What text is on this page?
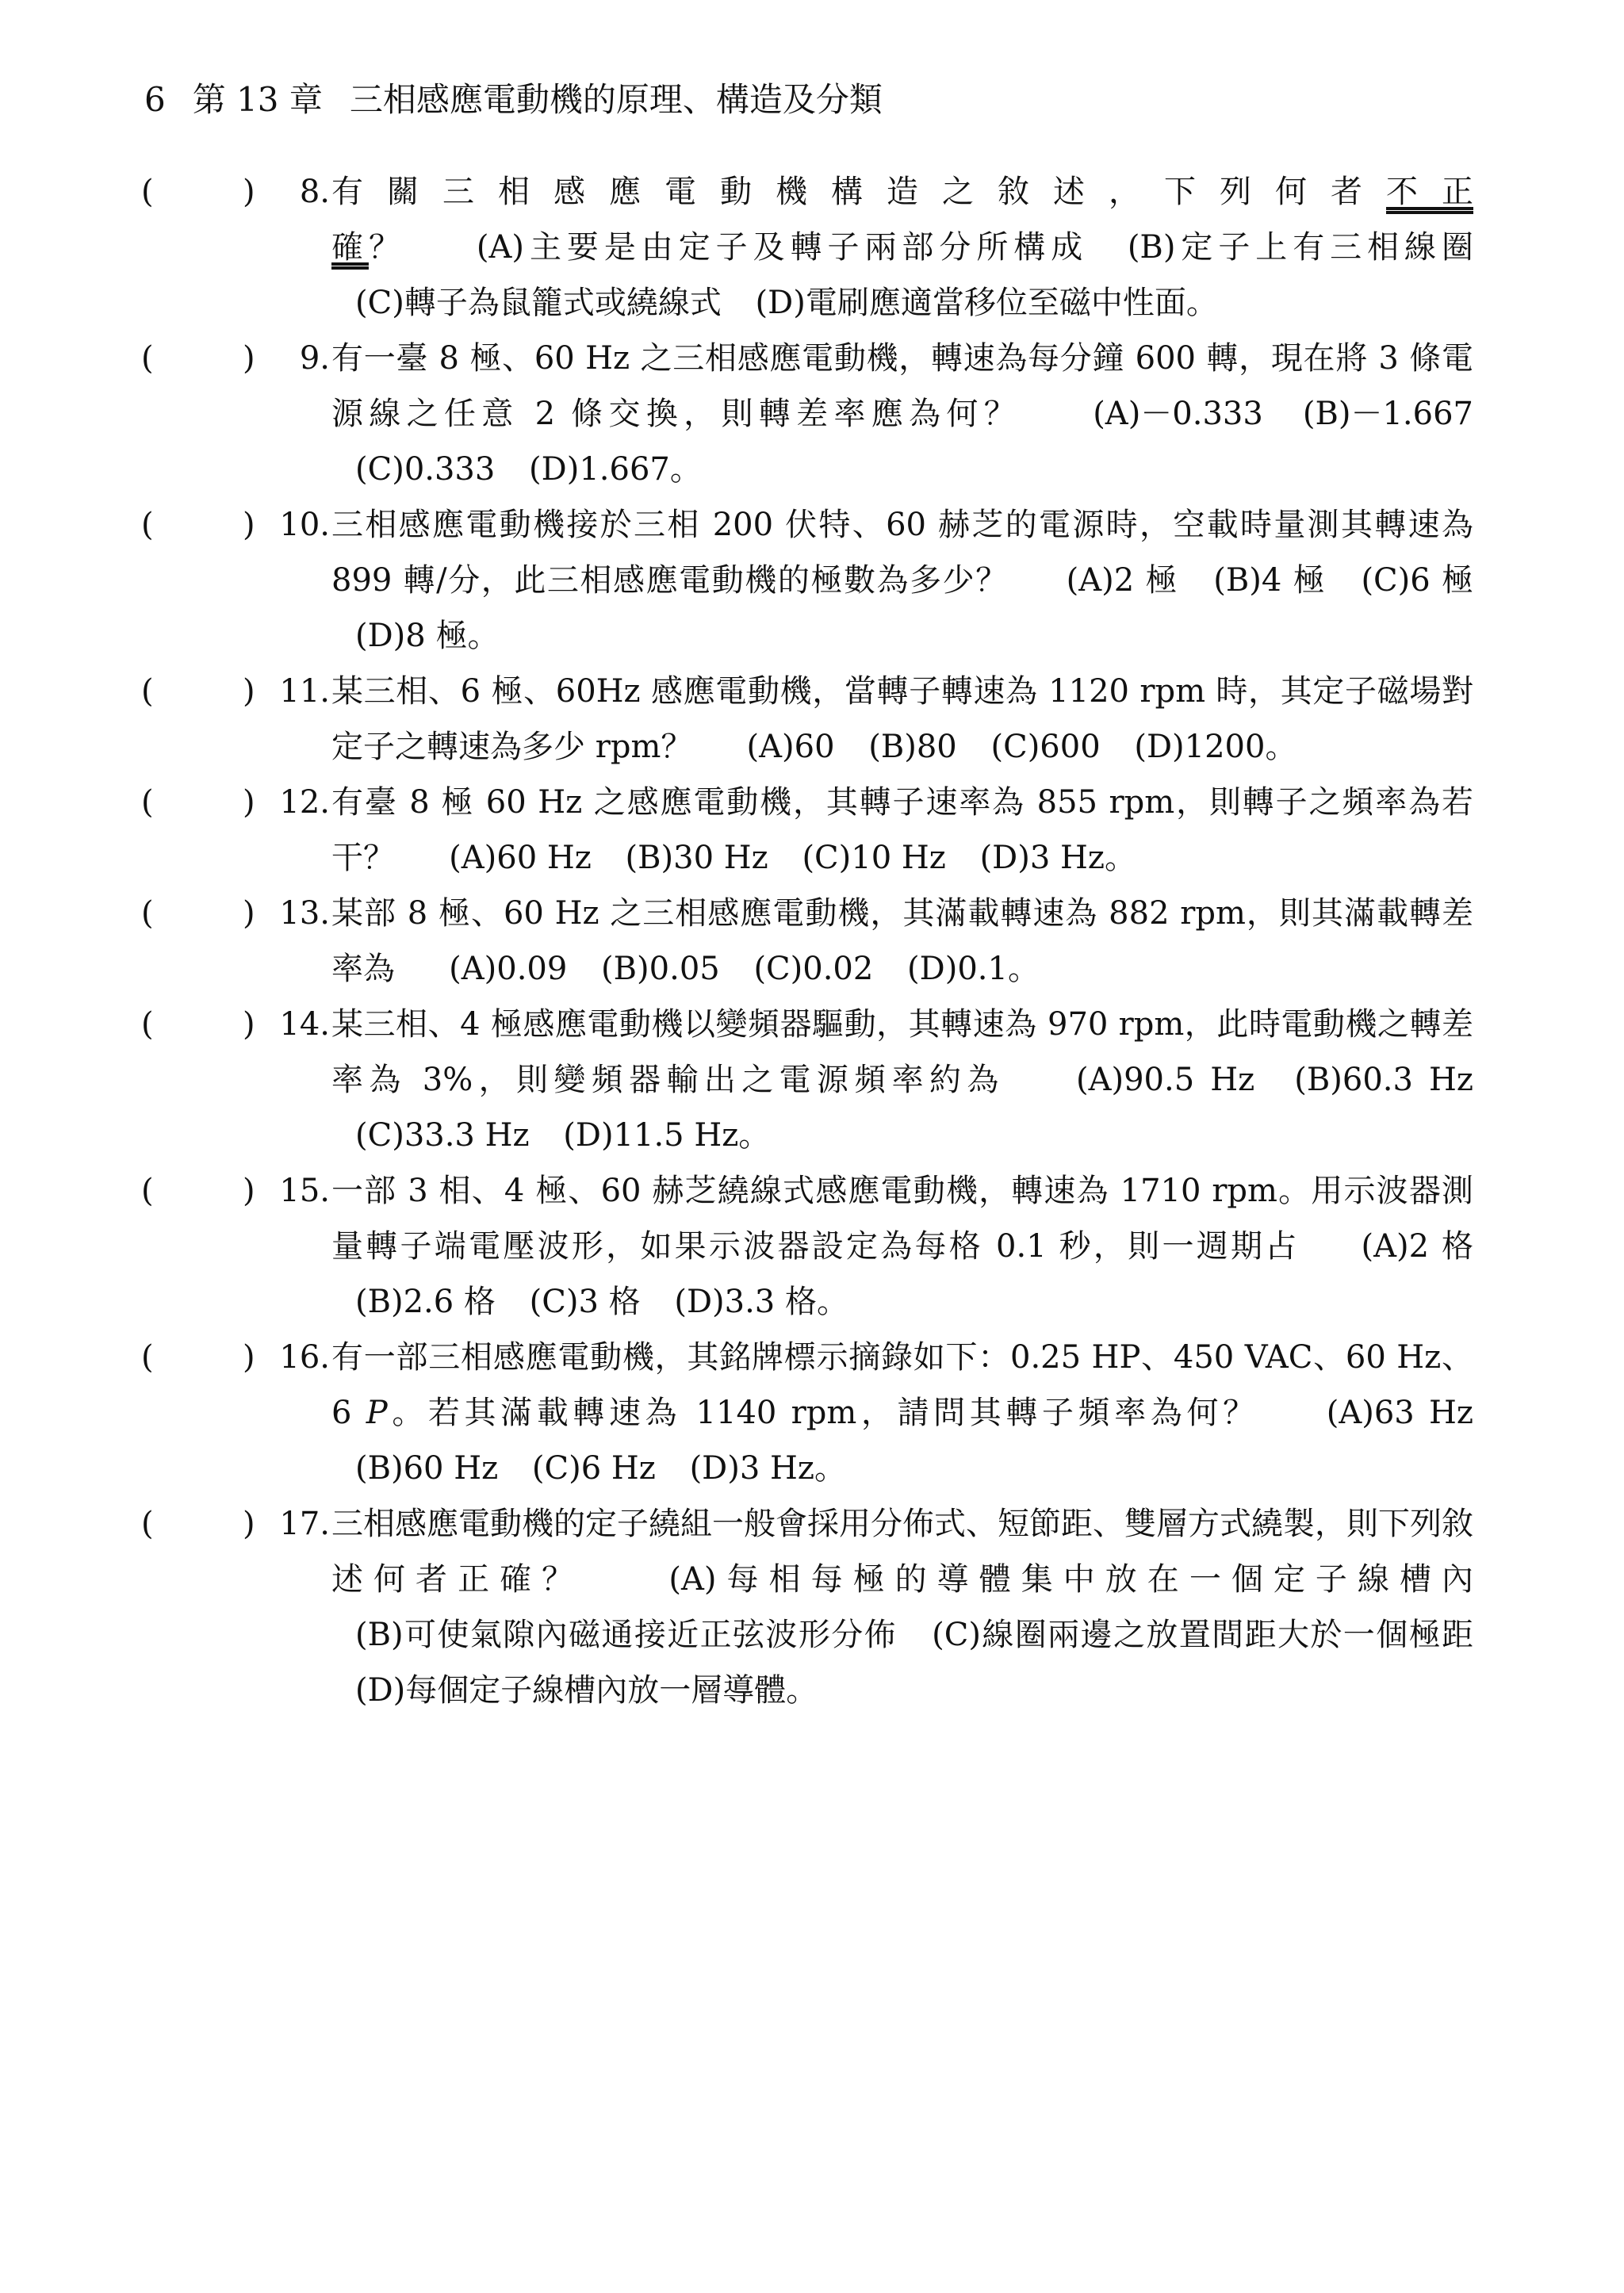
6 第 13 章 三相感應電動機的原理、構造及分類
(	) 8. 有關三相感應電動機構造之敘述，下列何者不正確？ (A)主要是由定子及轉子兩部分所構成 (B)定子上有三相線圈 (C)轉子為鼠籠式或繞線式 (D)電刷應適當移位至磁中性面。
(	) 9. 有一臺 8 極、60 Hz 之三相感應電動機，轉速為每分鐘 600 轉，現在將 3 條電源線之任意 2 條交換，則轉差率應為何？ (A)－0.333 (B)－1.667 (C)0.333 (D)1.667。
(	) 10. 三相感應電動機接於三相 200 伏特、60 赫芝的電源時，空載時量測其轉速為 899 轉/分，此三相感應電動機的極數為多少？ (A)2 極 (B)4 極 (C)6 極 (D)8 極。
(	) 11. 某三相、6 極、60Hz 感應電動機，當轉子轉速為 1120 rpm 時，其定子磁場對定子之轉速為多少 rpm？ (A)60 (B)80 (C)600 (D)1200。
(	) 12. 有臺 8 極 60 Hz 之感應電動機，其轉子速率為 855 rpm，則轉子之頻率為若干？ (A)60 Hz (B)30 Hz (C)10 Hz (D)3 Hz。
(	) 13. 某部 8 極、60 Hz 之三相感應電動機，其滿載轉速為 882 rpm，則其滿載轉差率為 (A)0.09 (B)0.05 (C)0.02 (D)0.1。
(	) 14. 某三相、4 極感應電動機以變頻器驅動，其轉速為 970 rpm，此時電動機之轉差率為 3%，則變頻器輸出之電源頻率約為 (A)90.5 Hz (B)60.3 Hz (C)33.3 Hz (D)11.5 Hz。
(	) 15. 一部 3 相、4 極、60 赫芝繞線式感應電動機，轉速為 1710 rpm。用示波器測量轉子端電壓波形，如果示波器設定為每格 0.1 秒，則一週期占 (A)2 格 (B)2.6 格 (C)3 格 (D)3.3 格。
(	) 16. 有一部三相感應電動機，其銘牌標示摘錄如下：0.25 HP、450 VAC、60 Hz、6 P。若其滿載轉速為 1140 rpm，請問其轉子頻率為何？ (A)63 Hz (B)60 Hz (C)6 Hz (D)3 Hz。
(	) 17. 三相感應電動機的定子繞組一般會採用分佈式、短節距、雙層方式繞製，則下列敘述何者正確？	(A)每相每極的導體集中放在一個定子線槽內 (B)可使氣隙內磁通接近正弦波形分佈 (C)線圈兩邊之放置間距大於一個極距 (D)每個定子線槽內放一層導體。
